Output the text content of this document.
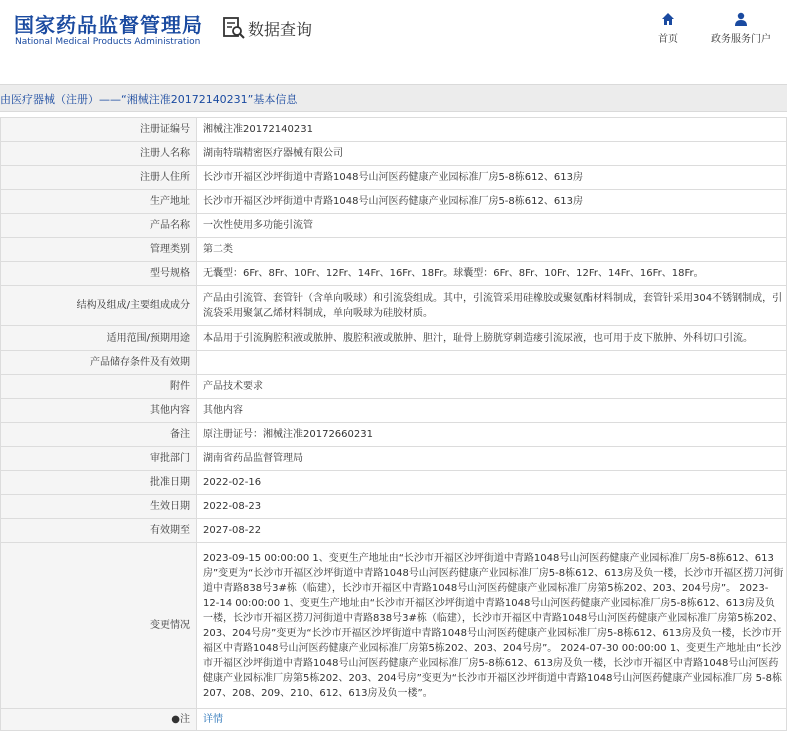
国家药品监督管理局
National Medical Products Administration
数据查询
首页	政务服务门户
由医疗器械（注册）——“湘械注准20172140231”基本信息
注册证编号	湘械注准20172140231
注册人名称	湖南特瑞精密医疗器械有限公司
注册人住所	长沙市开福区沙坪街道中青路1048号山河医药健康产业园标准厂房5-8栋612、613房
生产地址	长沙市开福区沙坪街道中青路1048号山河医药健康产业园标准厂房5-8栋612、613房
产品名称	一次性使用多功能引流管
管理类别	第二类
型号规格	无囊型：6Fr、8Fr、10Fr、12Fr、14Fr、16Fr、18Fr。球囊型：6Fr、8Fr、10Fr、12Fr、14Fr、16Fr、18Fr。
结构及组成/主要组成成分	产品由引流管、套管针（含单向吸球）和引流袋组成。其中，引流管采用硅橡胶或聚氨酯材料制成，套管针采用304不锈钢制成，引流袋采用聚氯乙烯材料制成，单向吸球为硅胶材质。
适用范围/预期用途	本品用于引流胸腔积液或脓肿、腹腔积液或脓肿、胆汁，耻骨上膀胱穿刺造瘘引流尿液，也可用于皮下脓肿、外科切口引流。
产品储存条件及有效期	
附件	产品技术要求
其他内容	其他内容
备注	原注册证号：湘械注准20172660231
审批部门	湖南省药品监督管理局
批准日期	2022-02-16
生效日期	2022-08-23
有效期至	2027-08-22
变更情况	2023-09-15 00:00:00 1、变更生产地址由“长沙市开福区沙坪街道中青路1048号山河医药健康产业园标准厂房5-8栋612、613房”变更为“长沙市开福区沙坪街道中青路1048号山河医药健康产业园标准厂房5-8栋612、613房及负一楼，长沙市开福区捞刀河街道中青路838号3#栋（临建），长沙市开福区中青路1048号山河医药健康产业园标准厂房第5栋202、203、204号房”。 2023-12-14 00:00:00 1、变更生产地址由“长沙市开福区沙坪街道中青路1048号山河医药健康产业园标准厂房5-8栋612、613房及负一楼，长沙市开福区捞刀河街道中青路838号3#栋（临建），长沙市开福区中青路1048号山河医药健康产业园标准厂房第5栋202、203、204号房”变更为“长沙市开福区沙坪街道中青路1048号山河医药健康产业园标准厂房5-8栋612、613房及负一楼，长沙市开福区中青路1048号山河医药健康产业园标准厂房第5栋202、203、204号房”。 2024-07-30 00:00:00 1、变更生产地址由“长沙市开福区沙坪街道中青路1048号山河医药健康产业园标准厂房5-8栋612、613房及负一楼，长沙市开福区中青路1048号山河医药健康产业园标准厂房第5栋202、203、204号房”变更为“长沙市开福区沙坪街道中青路1048号山河医药健康产业园标准厂房 5-8栋207、208、209、210、612、613房及负一楼”。
●注	详情
